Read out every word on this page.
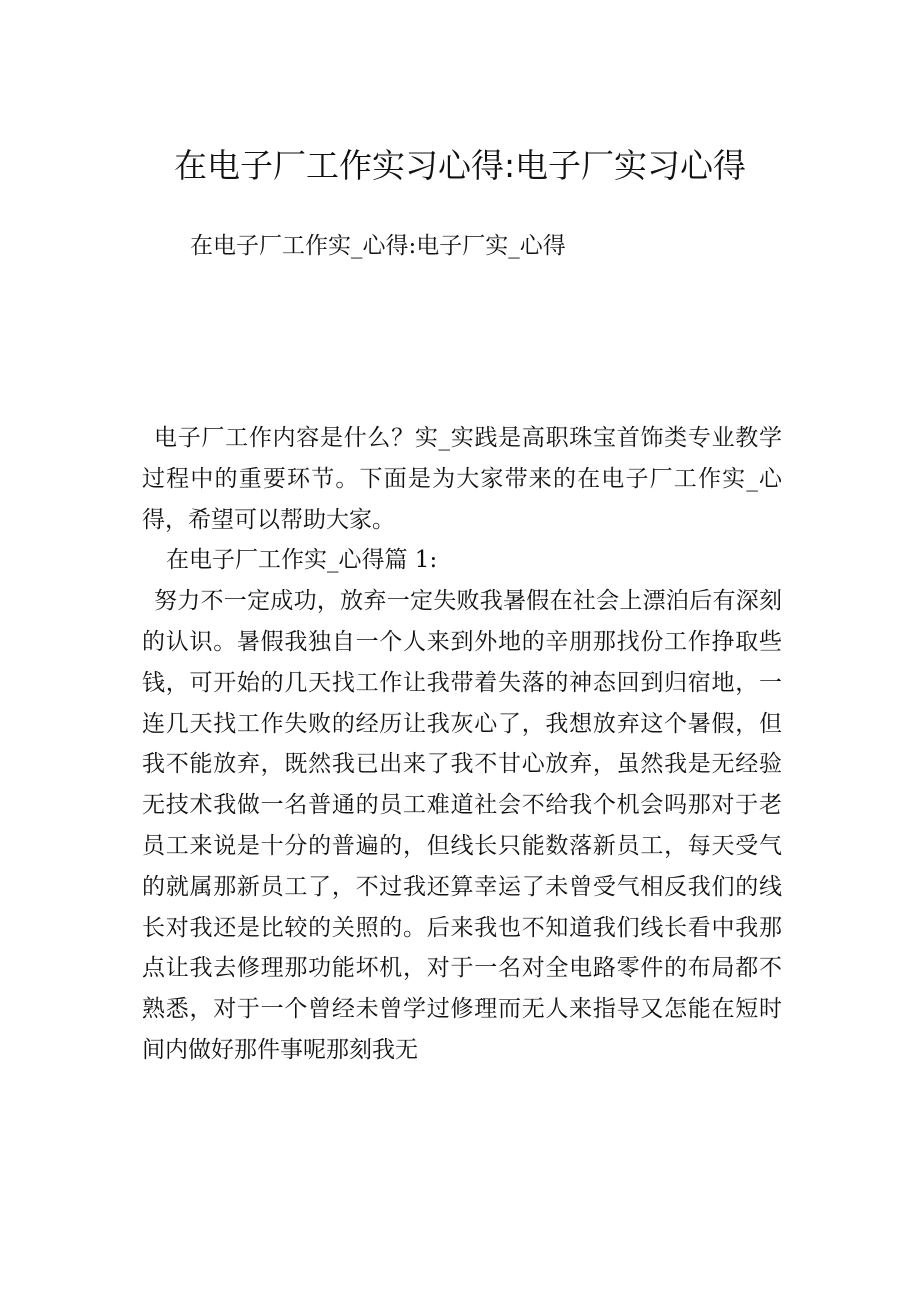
在电子厂工作实习心得:电子厂实习心得

在电子厂工作实_心得:电子厂实_心得

电子厂工作内容是什么？实_实践是高职珠宝首饰类专业教学过程中的重要环节。下面是为大家带来的在电子厂工作实_心得，希望可以帮助大家。

在电子厂工作实_心得篇 1:

努力不一定成功，放弃一定失败我暑假在社会上漂泊后有深刻的认识。暑假我独自一个人来到外地的辛朋那找份工作挣取些钱，可开始的几天找工作让我带着失落的神态回到归宿地，一连几天找工作失败的经历让我灰心了，我想放弃这个暑假，但我不能放弃，既然我已出来了我不甘心放弃，虽然我是无经验无技术我做一名普通的员工难道社会不给我个机会吗那对于老员工来说是十分的普遍的，但线长只能数落新员工，每天受气的就属那新员工了，不过我还算幸运了未曾受气相反我们的线长对我还是比较的关照的。后来我也不知道我们线长看中我那点让我去修理那功能坏机，对于一名对全电路零件的布局都不熟悉，对于一个曾经未曾学过修理而无人来指导又怎能在短时间内做好那件事呢那刻我无
